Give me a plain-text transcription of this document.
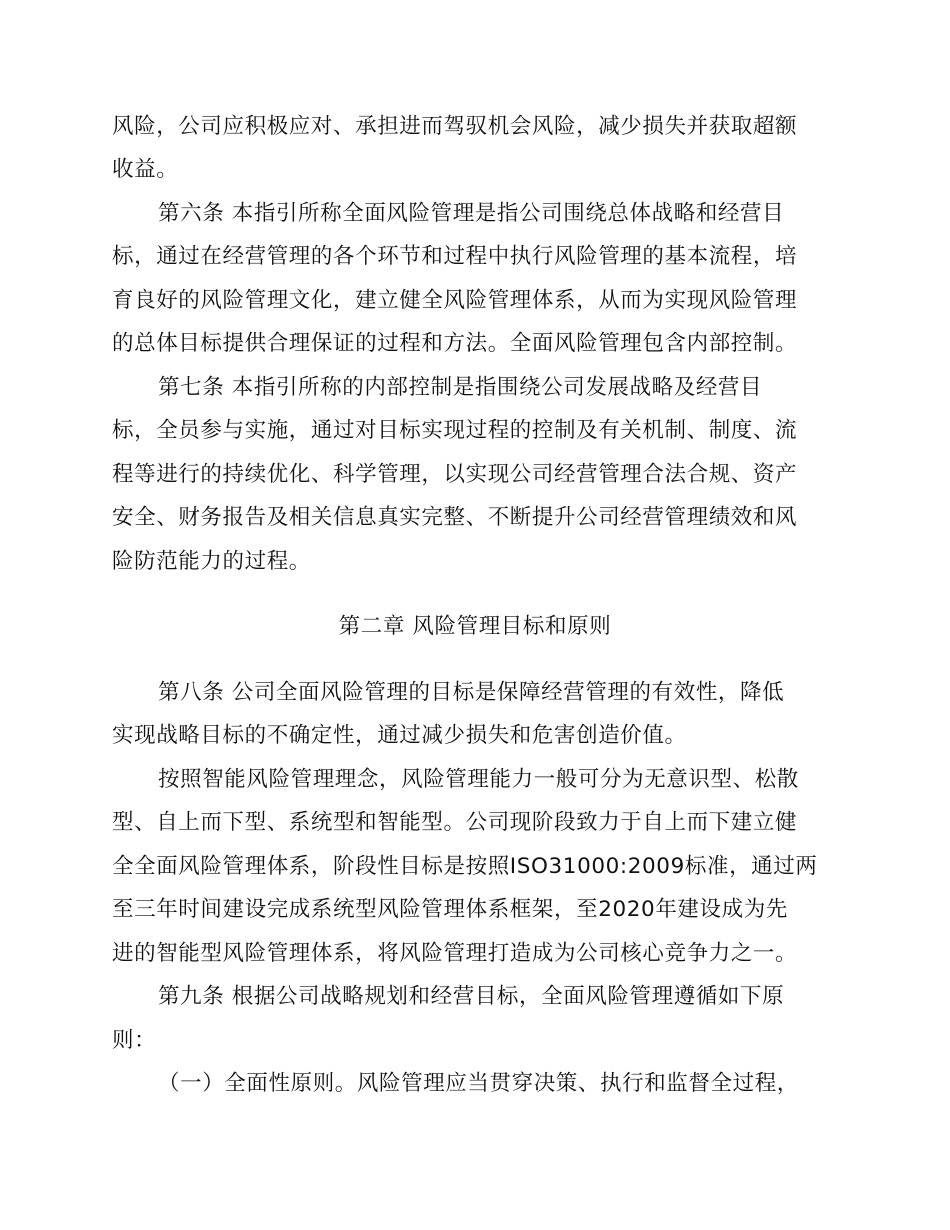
风险，公司应积极应对、承担进而驾驭机会风险，减少损失并获取超额
收益。
第六条 本指引所称全面风险管理是指公司围绕总体战略和经营目
标，通过在经营管理的各个环节和过程中执行风险管理的基本流程，培
育良好的风险管理文化，建立健全风险管理体系，从而为实现风险管理
的总体目标提供合理保证的过程和方法。全面风险管理包含内部控制。
第七条 本指引所称的内部控制是指围绕公司发展战略及经营目
标，全员参与实施，通过对目标实现过程的控制及有关机制、制度、流
程等进行的持续优化、科学管理，以实现公司经营管理合法合规、资产
安全、财务报告及相关信息真实完整、不断提升公司经营管理绩效和风
险防范能力的过程。
第二章 风险管理目标和原则
第八条 公司全面风险管理的目标是保障经营管理的有效性，降低
实现战略目标的不确定性，通过减少损失和危害创造价值。
按照智能风险管理理念，风险管理能力一般可分为无意识型、松散
型、自上而下型、系统型和智能型。公司现阶段致力于自上而下建立健
全全面风险管理体系，阶段性目标是按照ISO31000:2009标准，通过两
至三年时间建设完成系统型风险管理体系框架，至2020年建设成为先
进的智能型风险管理体系，将风险管理打造成为公司核心竞争力之一。
第九条 根据公司战略规划和经营目标，全面风险管理遵循如下原
则：
（一）全面性原则。风险管理应当贯穿决策、执行和监督全过程，
